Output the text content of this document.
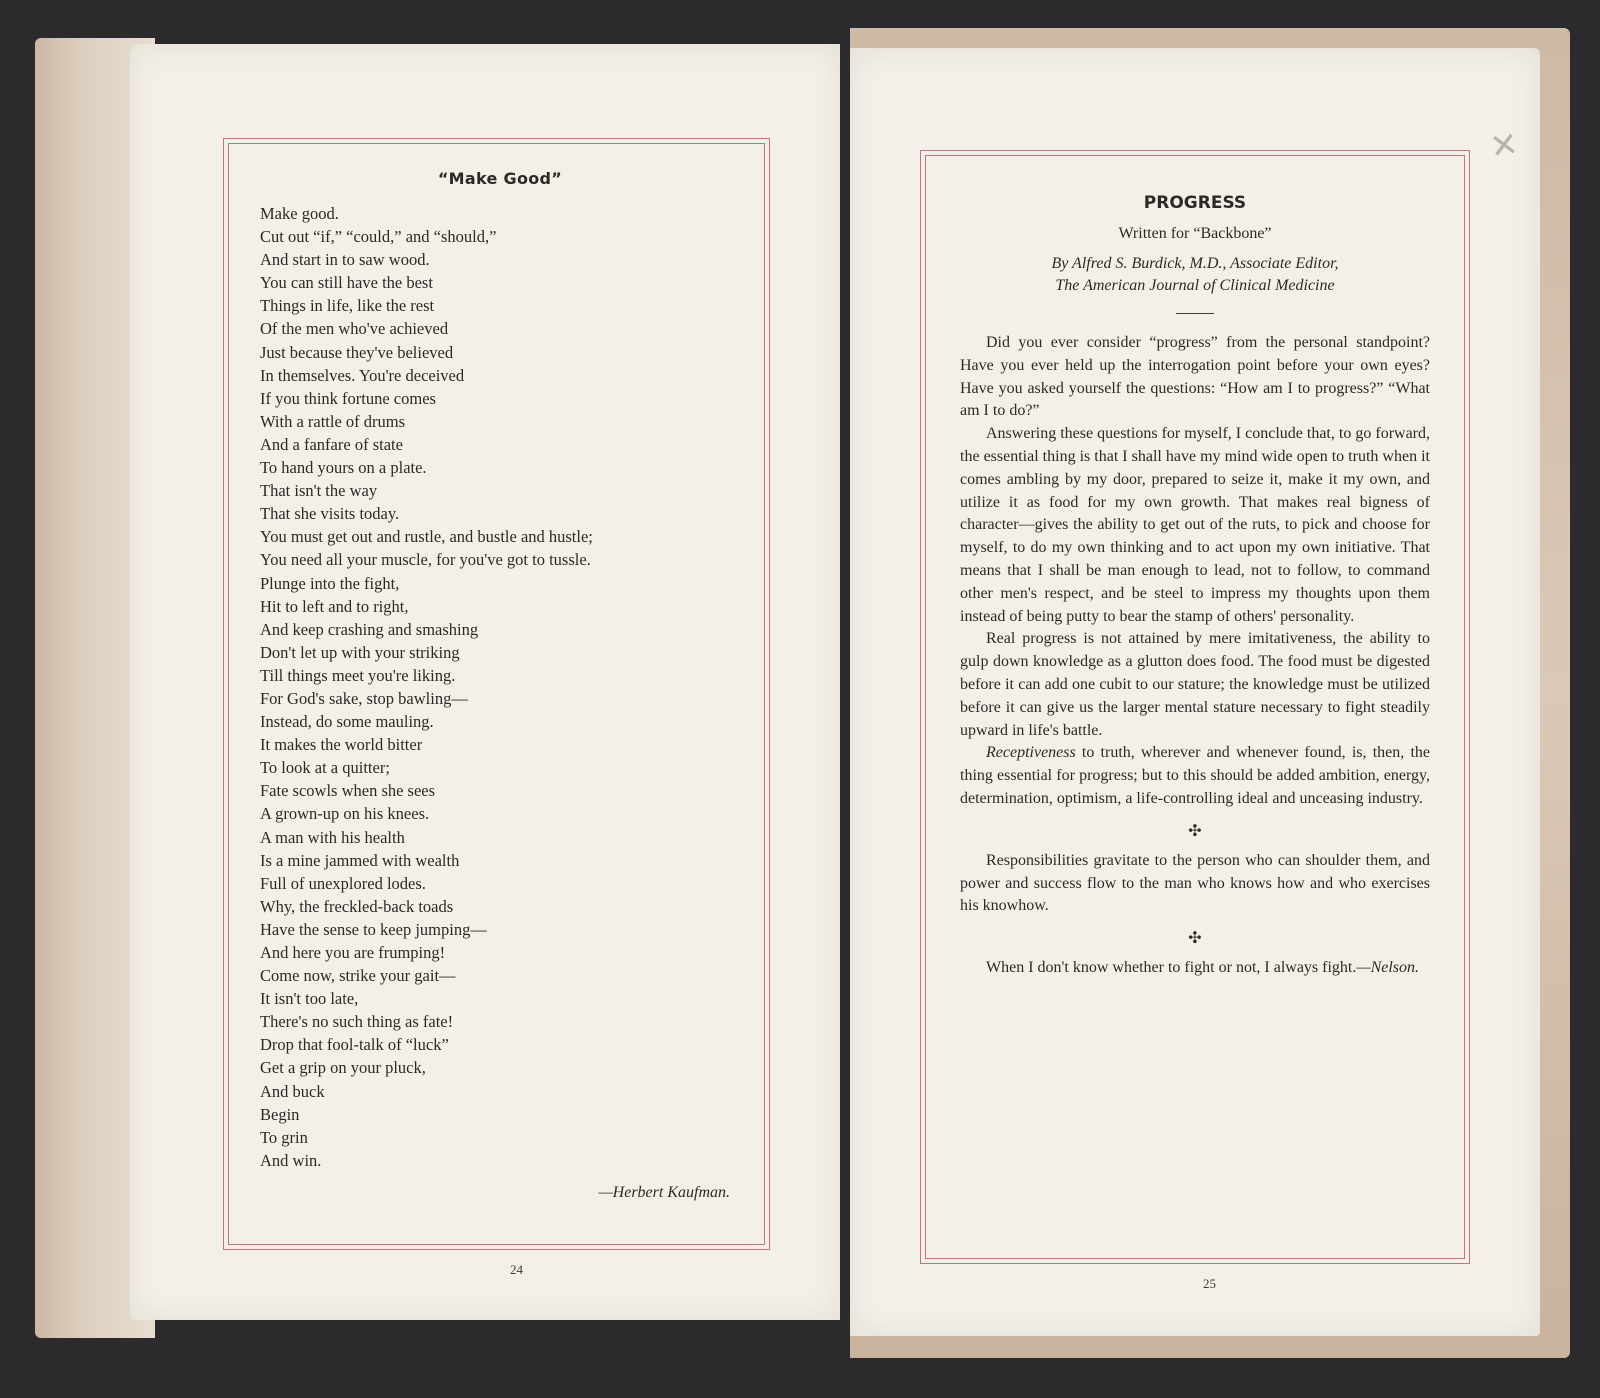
“Make Good”
Make good.
Cut out “if,” “could,” and “should,”
And start in to saw wood.
You can still have the best
Things in life, like the rest
Of the men who've achieved
Just because they've believed
In themselves. You're deceived
If you think fortune comes
With a rattle of drums
And a fanfare of state
To hand yours on a plate.
That isn't the way
That she visits today.
You must get out and rustle, and bustle and hustle;
You need all your muscle, for you've got to tussle.
Plunge into the fight,
Hit to left and to right,
And keep crashing and smashing
Don't let up with your striking
Till things meet you're liking.
For God's sake, stop bawling—
Instead, do some mauling.
It makes the world bitter
To look at a quitter;
Fate scowls when she sees
A grown-up on his knees.
A man with his health
Is a mine jammed with wealth
Full of unexplored lodes.
Why, the freckled-back toads
Have the sense to keep jumping—
And here you are frumping!
Come now, strike your gait—
It isn't too late,
There's no such thing as fate!
Drop that fool-talk of “luck”
Get a grip on your pluck,
And buck
Begin
To grin
And win.
—Herbert Kaufman.
24
✕
PROGRESS
Written for “Backbone”
By Alfred S. Burdick, M.D., Associate Editor,
The American Journal of Clinical Medicine

Did you ever consider “progress” from the personal standpoint? Have you ever held up the interrogation point before your own eyes? Have you asked yourself the questions: “How am I to progress?” “What am I to do?”

Answering these questions for myself, I conclude that, to go forward, the essential thing is that I shall have my mind wide open to truth when it comes ambling by my door, prepared to seize it, make it my own, and utilize it as food for my own growth. That makes real bigness of character—gives the ability to get out of the ruts, to pick and choose for myself, to do my own thinking and to act upon my own initiative. That means that I shall be man enough to lead, not to follow, to command other men's respect, and be steel to impress my thoughts upon them instead of being putty to bear the stamp of others' personality.

Real progress is not attained by mere imitativeness, the ability to gulp down knowledge as a glutton does food. The food must be digested before it can add one cubit to our stature; the knowledge must be utilized before it can give us the larger mental stature necessary to fight steadily upward in life's battle.

Receptiveness to truth, wherever and whenever found, is, then, the thing essential for progress; but to this should be added ambition, energy, determination, optimism, a life-controlling ideal and unceasing industry.

✣

Responsibilities gravitate to the person who can shoulder them, and power and success flow to the man who knows how and who exercises his knowhow.

✣

When I don't know whether to fight or not, I always fight.—Nelson.

25
